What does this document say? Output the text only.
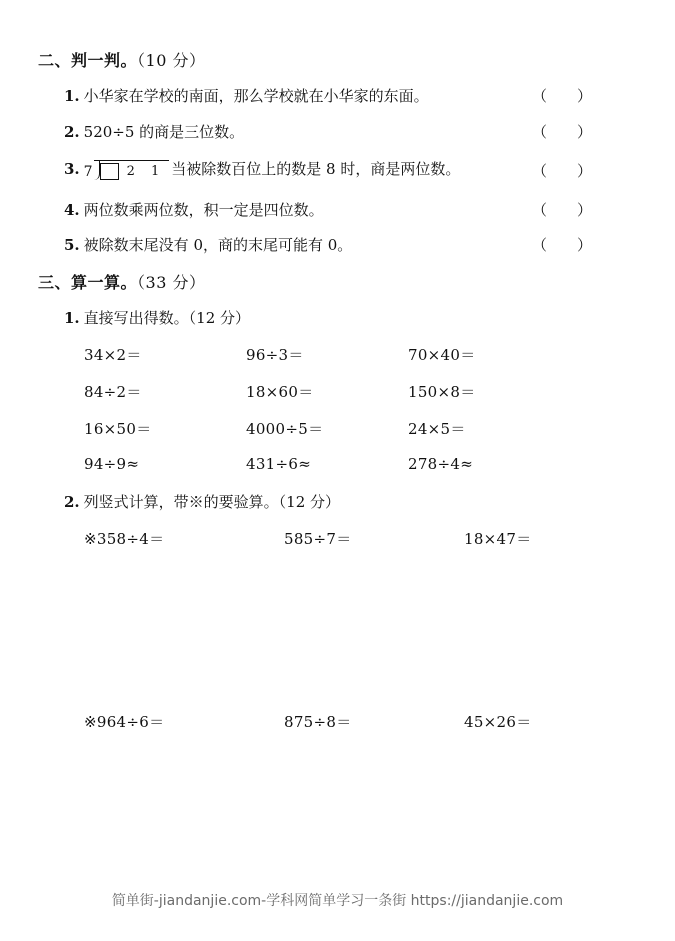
二、判一判。（10 分）
1. 小华家在学校的南面，那么学校就在小华家的东面。	（ ）
2. 520÷5 的商是三位数。	（ ）
3. 7	2 1 当被除数百位上的数是 8 时，商是两位数。	（ ）
4. 两位数乘两位数，积一定是四位数。	（ ）
5. 被除数末尾没有 0，商的末尾可能有 0。	（ ）
三、算一算。（33 分）
1. 直接写出得数。（12 分）
34×2＝	96÷3＝	70×40＝
84÷2＝	18×60＝	150×8＝
16×50＝	4000÷5＝	24×5＝
94÷9≈	431÷6≈	278÷4≈
2. 列竖式计算，带※的要验算。（12 分）
※358÷4＝	585÷7＝	18×47＝
※964÷6＝	875÷8＝	45×26＝
简单街-jiandanjie.com-学科网简单学习一条街 https://jiandanjie.com
